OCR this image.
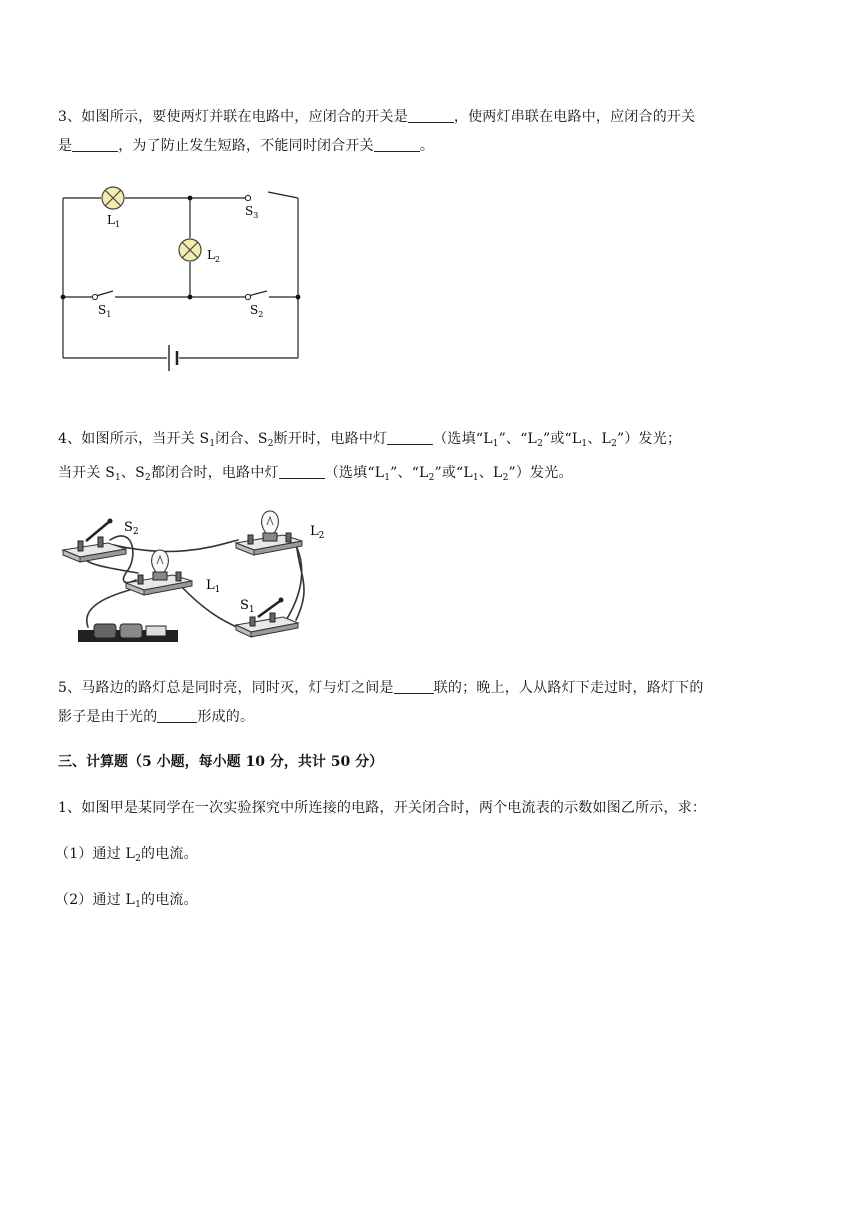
3、如图所示，要使两灯并联在电路中，应闭合的开关是	，使两灯串联在电路中，应闭合的开关
是	，为了防止发生短路，不能同时闭合开关	。
$L_1$
$L_2$
$S_3$
$S_1$	$S_2$
4、如图所示，当开关 $S_1$闭合、$S_2$断开时，电路中灯	（选填“$L_1$”、“$L_2$”或“$L_1$、$L_2$”）发光；
当开关 $S_1$、$S_2$都闭合时，电路中灯	（选填“$L_1$”、“$L_2$”或“$L_1$、$L_2$”）发光。
$S_2$	$L_2$
$L_1$
$S_1$
5、马路边的路灯总是同时亮，同时灭，灯与灯之间是	联的；晚上，人从路灯下走过时，路灯下的
影子是由于光的	形成的。
三、计算题（5 小题，每小题 10 分，共计 50 分）
1、如图甲是某同学在一次实验探究中所连接的电路，开关闭合时，两个电流表的示数如图乙所示，求：
（1）通过 $L_2$的电流。
（2）通过 $L_1$的电流。
